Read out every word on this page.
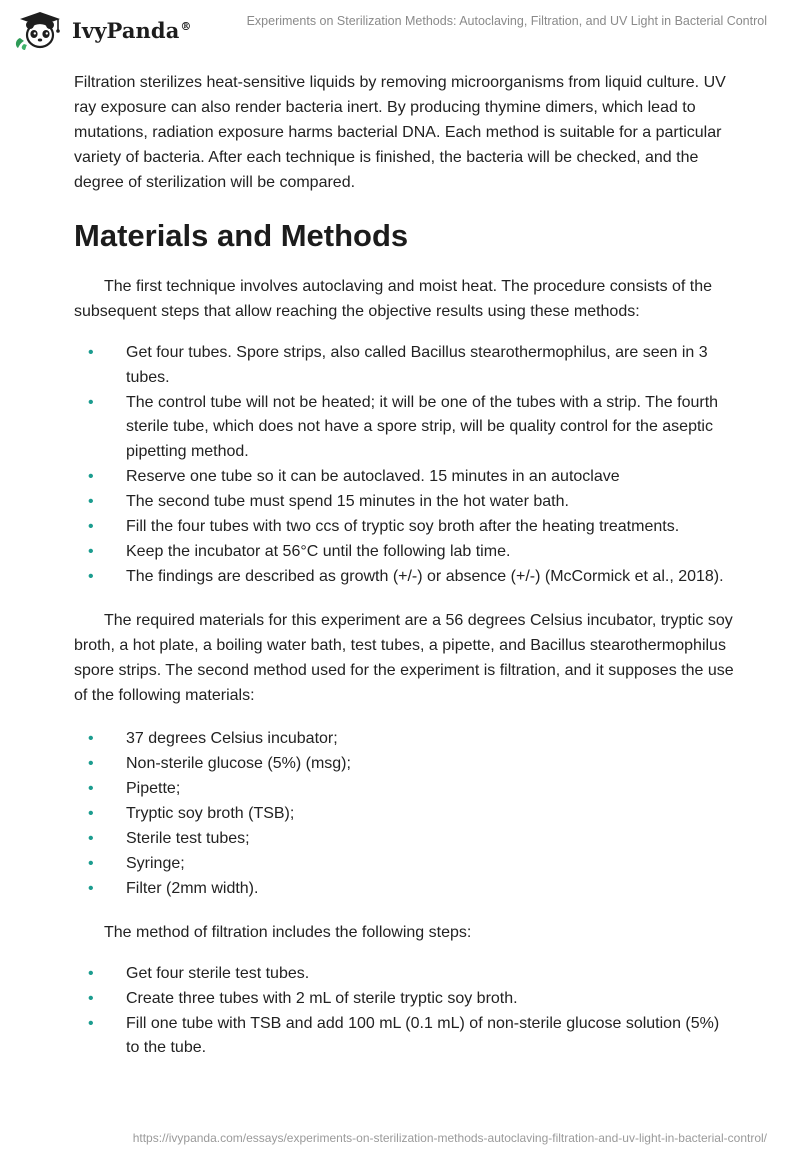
IvyPanda®	Experiments on Sterilization Methods: Autoclaving, Filtration, and UV Light in Bacterial Control

Filtration sterilizes heat-sensitive liquids by removing microorganisms from liquid culture. UV ray exposure can also render bacteria inert. By producing thymine dimers, which lead to mutations, radiation exposure harms bacterial DNA. Each method is suitable for a particular variety of bacteria. After each technique is finished, the bacteria will be checked, and the degree of sterilization will be compared.

Materials and Methods

The first technique involves autoclaving and moist heat. The procedure consists of the subsequent steps that allow reaching the objective results using these methods:

• Get four tubes. Spore strips, also called Bacillus stearothermophilus, are seen in 3 tubes.
• The control tube will not be heated; it will be one of the tubes with a strip. The fourth sterile tube, which does not have a spore strip, will be quality control for the aseptic pipetting method.
• Reserve one tube so it can be autoclaved. 15 minutes in an autoclave
• The second tube must spend 15 minutes in the hot water bath.
• Fill the four tubes with two ccs of tryptic soy broth after the heating treatments.
• Keep the incubator at 56°C until the following lab time.
• The findings are described as growth (+/-) or absence (+/-) (McCormick et al., 2018).

The required materials for this experiment are a 56 degrees Celsius incubator, tryptic soy broth, a hot plate, a boiling water bath, test tubes, a pipette, and Bacillus stearothermophilus spore strips. The second method used for the experiment is filtration, and it supposes the use of the following materials:

• 37 degrees Celsius incubator;
• Non-sterile glucose (5%) (msg);
• Pipette;
• Tryptic soy broth (TSB);
• Sterile test tubes;
• Syringe;
• Filter (2mm width).

The method of filtration includes the following steps:

• Get four sterile test tubes.
• Create three tubes with 2 mL of sterile tryptic soy broth.
• Fill one tube with TSB and add 100 mL (0.1 mL) of non-sterile glucose solution (5%) to the tube.
https://ivypanda.com/essays/experiments-on-sterilization-methods-autoclaving-filtration-and-uv-light-in-bacterial-control/
